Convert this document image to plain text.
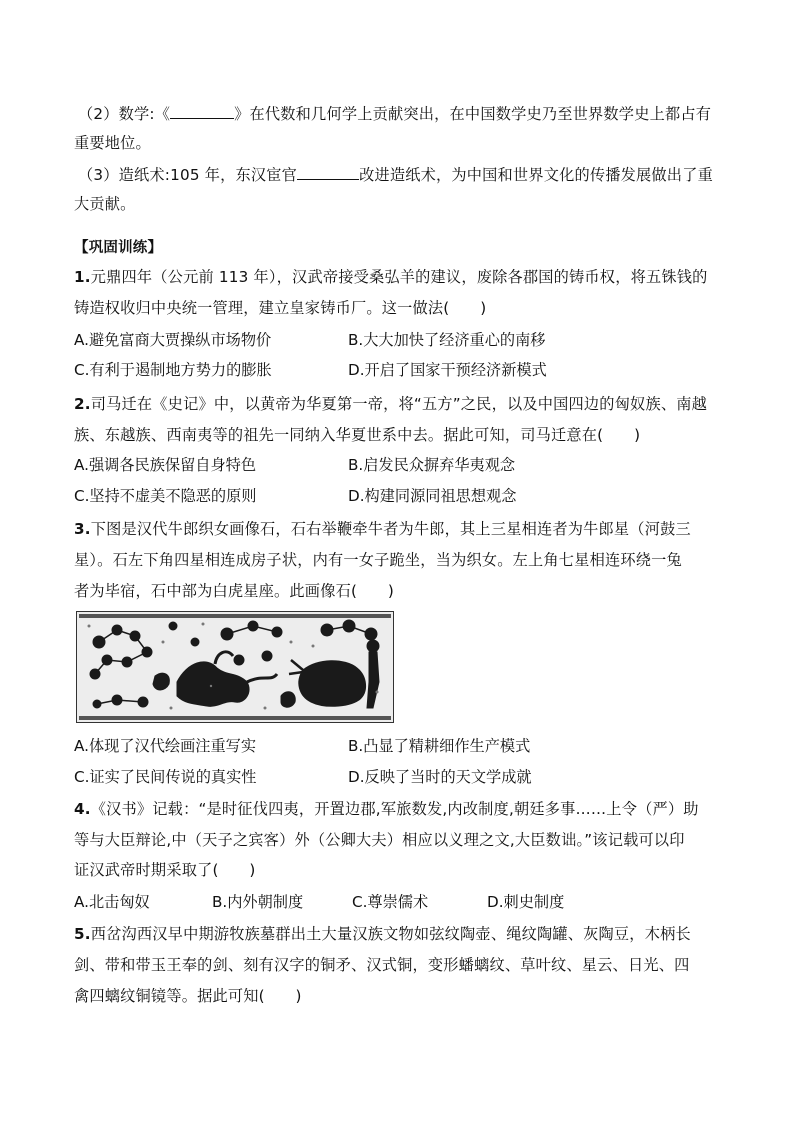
（2）数学:《	》在代数和几何学上贡献突出，在中国数学史乃至世界数学史上都占有
重要地位。
（3）造纸术:105 年，东汉宦官	改进造纸术，为中国和世界文化的传播发展做出了重
大贡献。
【巩固训练】
1.元鼎四年（公元前 113 年），汉武帝接受桑弘羊的建议，废除各郡国的铸币权，将五铢钱的
铸造权收归中央统一管理，建立皇家铸币厂。这一做法(　　)
A.避免富商大贾操纵市场物价	B.大大加快了经济重心的南移
C.有利于遏制地方势力的膨胀	D.开启了国家干预经济新模式
2.司马迁在《史记》中，以黄帝为华夏第一帝，将“五方”之民，以及中国四边的匈奴族、南越
族、东越族、西南夷等的祖先一同纳入华夏世系中去。据此可知，司马迁意在(　　)
A.强调各民族保留自身特色	B.启发民众摒弃华夷观念
C.坚持不虚美不隐恶的原则	D.构建同源同祖思想观念
3.下图是汉代牛郎织女画像石，石右举鞭牵牛者为牛郎，其上三星相连者为牛郎星（河鼓三
星）。石左下角四星相连成房子状，内有一女子跪坐，当为织女。左上角七星相连环绕一兔
者为毕宿，石中部为白虎星座。此画像石(　　)
A.体现了汉代绘画注重写实	B.凸显了精耕细作生产模式
C.证实了民间传说的真实性	D.反映了当时的天文学成就
4.《汉书》记载：“是时征伐四夷，开置边郡,军旅数发,内改制度,朝廷多事……上令（严）助
等与大臣辩论,中（天子之宾客）外（公卿大夫）相应以义理之文,大臣数诎。”该记载可以印
证汉武帝时期采取了(　　)
A.北击匈奴	B.内外朝制度	C.尊崇儒术	D.刺史制度
5.西岔沟西汉早中期游牧族墓群出土大量汉族文物如弦纹陶壶、绳纹陶罐、灰陶豆，木柄长
剑、带和带玉王奉的剑、刻有汉字的铜矛、汉式铜，变形蟠螭纹、草叶纹、星云、日光、四
禽四螭纹铜镜等。据此可知(　　)
